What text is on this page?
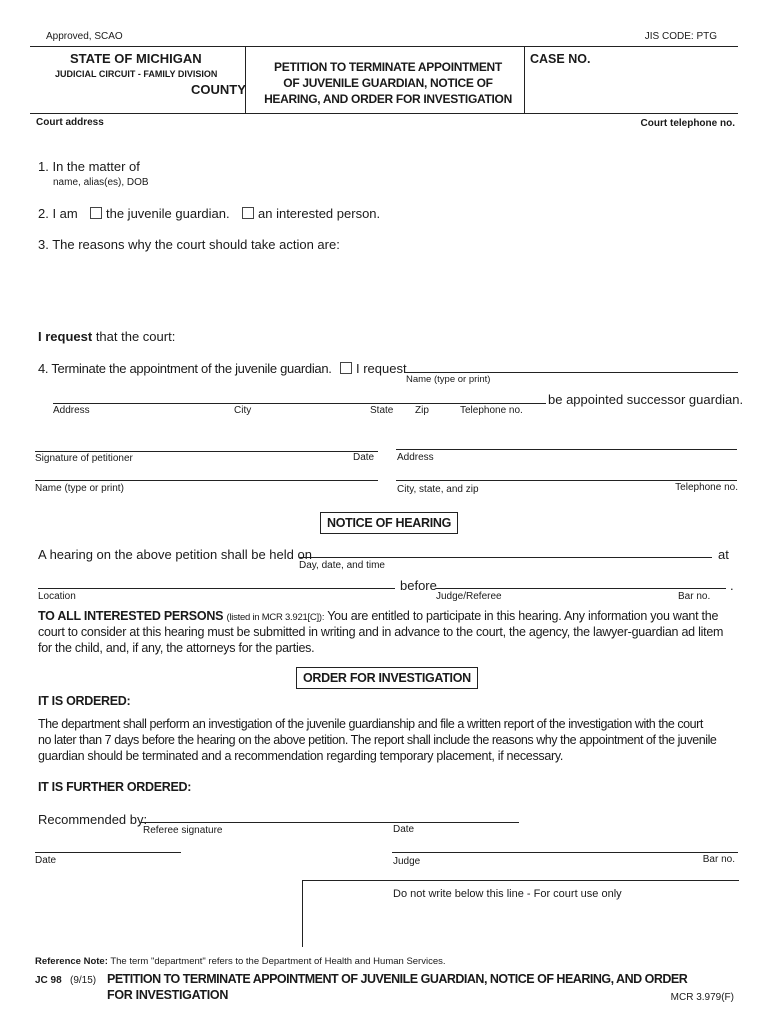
Approved, SCAO	JIS CODE: PTG
STATE OF MICHIGAN
JUDICIAL CIRCUIT - FAMILY DIVISION
COUNTY
PETITION TO TERMINATE APPOINTMENT
OF JUVENILE GUARDIAN, NOTICE OF
HEARING, AND ORDER FOR INVESTIGATION
CASE NO.
Court address	Court telephone no.
1. In the matter of
name, alias(es), DOB
2. I am	the juvenile guardian.	an interested person.
3. The reasons why the court should take action are:
I request that the court:
4. Terminate the appointment of the juvenile guardian.	I request
Name (type or print)
be appointed successor guardian.
Address	City	State Zip	Telephone no.
Signature of petitioner	Date Address
Name (type or print)	City, state, and zip	Telephone no.
NOTICE OF HEARING
A hearing on the above petition shall be held on	at
Day, date, and time
before	.
Location	Judge/Referee	Bar no.
TO ALL INTERESTED PERSONS (listed in MCR 3.921[C]): You are entitled to participate in this hearing. Any information you want the
court to consider at this hearing must be submitted in writing and in advance to the court, the agency, the lawyer-guardian ad litem
for the child, and, if any, the attorneys for the parties.
ORDER FOR INVESTIGATION
IT IS ORDERED:
The department shall perform an investigation of the juvenile guardianship and file a written report of the investigation with the court
no later than 7 days before the hearing on the above petition. The report shall include the reasons why the appointment of the juvenile
guardian should be terminated and a recommendation regarding temporary placement, if necessary.
IT IS FURTHER ORDERED:
Recommended by:
Referee signature	Date
Date	Judge	Bar no.
Do not write below this line - For court use only
Reference Note: The term "department" refers to the Department of Health and Human Services.
JC 98 (9/15) PETITION TO TERMINATE APPOINTMENT OF JUVENILE GUARDIAN, NOTICE OF HEARING, AND ORDER
FOR INVESTIGATION	MCR 3.979(F)
